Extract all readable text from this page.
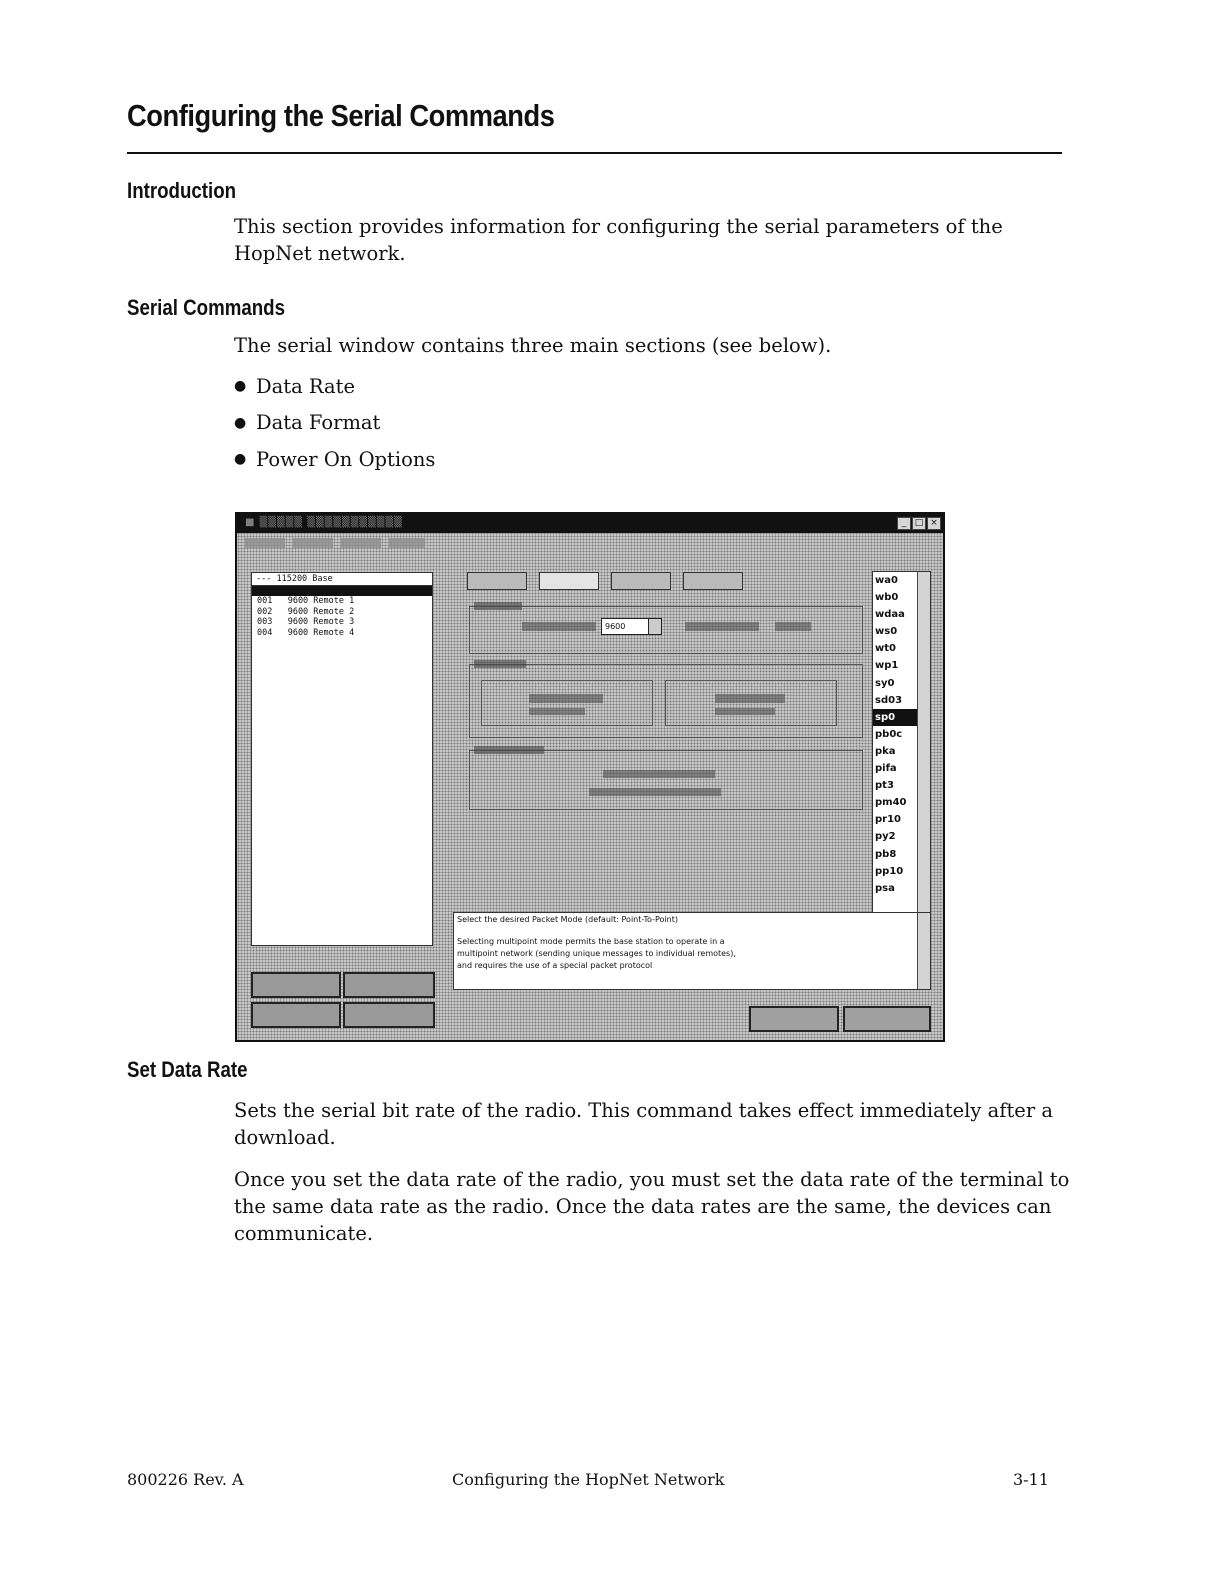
Configuring the Serial Commands
Introduction

This section provides information for configuring the serial parameters of the
HopNet network.

Serial Commands

The serial window contains three main sections (see below).

● Data Rate
● Data Format
● Power On Options
■ ▒▒▒▒▒ ▒▒▒▒▒▒▒▒▒▒▒	_ □ ×
--- 115200 Base
001   9600 Remote 1
002   9600 Remote 2
003   9600 Remote 3
004   9600 Remote 4
9600
wa0
wb0
wdaa
ws0
wt0
wp1
sy0
sd03
sp0
pb0c
pka
pifa
pt3
pm40
pr10
py2
pb8
pp10
psa
Select the desired Packet Mode (default: Point-To-Point)
Selecting multipoint mode permits the base station to operate in a
multipoint network (sending unique messages to individual remotes),
and requires the use of a special packet protocol
Set Data Rate

Sets the serial bit rate of the radio. This command takes effect immediately after a
download.

Once you set the data rate of the radio, you must set the data rate of the terminal to
the same data rate as the radio. Once the data rates are the same, the devices can
communicate.

800226 Rev. A	Configuring the HopNet Network	3-11
